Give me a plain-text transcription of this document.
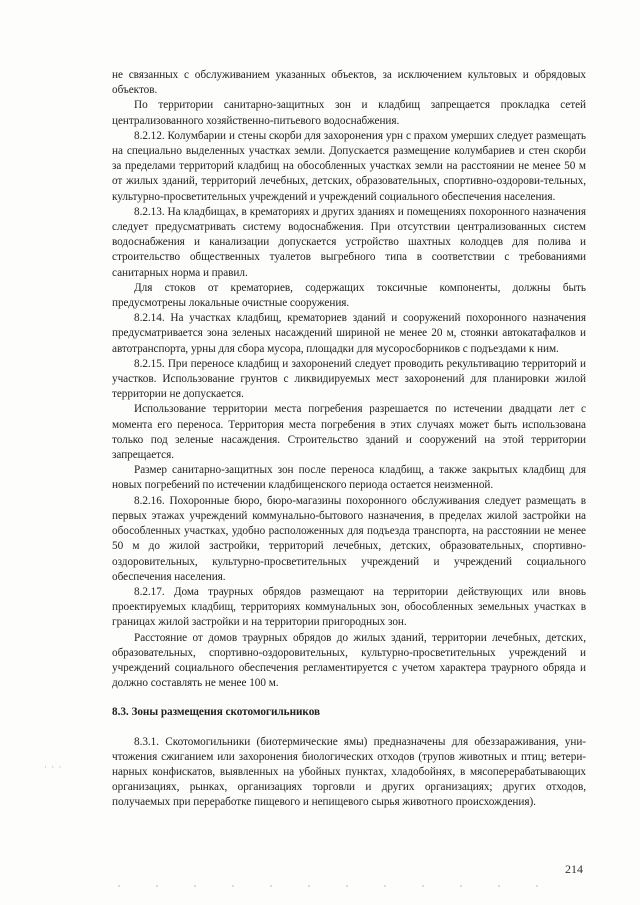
не связанных с обслуживанием указанных объектов, за исключением культовых и обрядовых объектов.

По территории санитарно-защитных зон и кладбищ запрещается прокладка сетей централизованного хозяйственно-питьевого водоснабжения.

8.2.12. Колумбарии и стены скорби для захоронения урн с прахом умерших следует размещать на специально выделенных участках земли. Допускается размещение колумбариев и стен скорби за пределами территорий кладбищ на обособленных участках земли на расстоянии не менее 50 м от жилых зданий, территорий лечебных, детских, образовательных, спортивно-оздорови-тельных, культурно-просветительных учреждений и учреждений социального обеспечения населения.

8.2.13. На кладбищах, в крематориях и других зданиях и помещениях похоронного назначения следует предусматривать систему водоснабжения. При отсутствии централизованных систем водоснабжения и канализации допускается устройство шахтных колодцев для полива и строительство общественных туалетов выгребного типа в соответствии с требованиями санитарных норма и правил.

Для стоков от крематориев, содержащих токсичные компоненты, должны быть предусмотрены локальные очистные сооружения.

8.2.14. На участках кладбищ, крематориев зданий и сооружений похоронного назначения предусматривается зона зеленых насаждений шириной не менее 20 м, стоянки автокатафалков и автотранспорта, урны для сбора мусора, площадки для мусоросборников с подъездами к ним.

8.2.15. При переносе кладбищ и захоронений следует проводить рекультивацию территорий и участков. Использование грунтов с ликвидируемых мест захоронений для планировки жилой территории не допускается.

Использование территории места погребения разрешается по истечении двадцати лет с момента его переноса. Территория места погребения в этих случаях может быть использована только под зеленые насаждения. Строительство зданий и сооружений на этой территории запрещается.

Размер санитарно-защитных зон после переноса кладбищ, а также закрытых кладбищ для новых погребений по истечении кладбищенского периода остается неизменной.

8.2.16. Похоронные бюро, бюро-магазины похоронного обслуживания следует размещать в первых этажах учреждений коммунально-бытового назначения, в пределах жилой застройки на обособленных участках, удобно расположенных для подъезда транспорта, на расстоянии не менее 50 м до жилой застройки, территорий лечебных, детских, образовательных, спортивно-оздоровительных, культурно-просветительных учреждений и учреждений социального обеспечения населения.

8.2.17. Дома траурных обрядов размещают на территории действующих или вновь проектируемых кладбищ, территориях коммунальных зон, обособленных земельных участках в границах жилой застройки и на территории пригородных зон.

Расстояние от домов траурных обрядов до жилых зданий, территории лечебных, детских, образовательных, спортивно-оздоровительных, культурно-просветительных учреждений и учреждений социального обеспечения регламентируется с учетом характера траурного обряда и должно составлять не менее 100 м.

8.3. Зоны размещения скотомогильников

8.3.1. Скотомогильники (биотермические ямы) предназначены для обеззараживания, уни-чтожения сжиганием или захоронения биологических отходов (трупов животных и птиц; ветери-нарных конфискатов, выявленных на убойных пунктах, хладобойнях, в мясоперерабатывающих организациях, рынках, организациях торговли и других организациях; других отходов, получаемых при переработке пищевого и непищевого сырья животного происхождения).

· · ·
214
